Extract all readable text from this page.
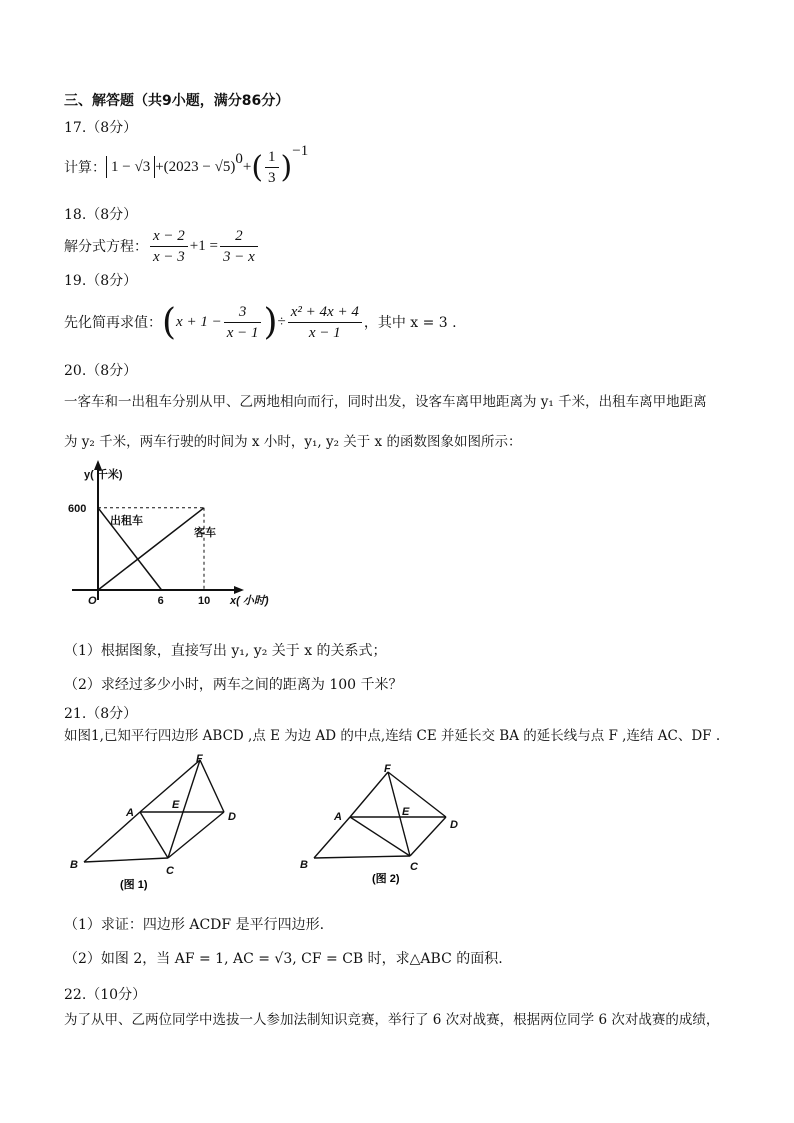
三、解答题（共9小题，满分86分）
17.（8分）
计算： $1 - √3 +(2023 - √5)^0$ + ( $\frac{1}{3} )^{-1}$
18.（8分）
解分式方程： $\frac{x - 2}{x - 3} +1 = \frac{2}{3 - x}$
19.（8分）
先化简再求值： ( $x + 1 - \frac{3}{x - 1}$ ) ÷ $\frac{\text{x² + 4x + 4}}{x - 1}$ ，其中 x = 3 .
20.（8分）
一客车和一出租车分别从甲、乙两地相向而行，同时出发，设客车离甲地距离为 y₁ 千米，出租车离甲地距离
为 y₂ 千米，两车行驶的时间为 x 小时，y₁, y₂ 关于 x 的函数图象如图所示：
y( 千米)
x( 小时)
O
600
6	10
出租车
客车
（1）根据图象，直接写出 y₁, y₂ 关于 x 的关系式；
（2）求经过多少小时，两车之间的距离为 100 千米？
21.（8分）
如图1,已知平行四边形 ABCD ,点 E 为边 AD 的中点,连结 CE 并延长交 BA 的延长线与点 F ,连结 AC、DF .
B
A
F
E
D
C
(图 1)
B
A
F
E
D
C
(图 2)
（1）求证：四边形 ACDF 是平行四边形.
（2）如图 2，当 AF = 1, AC = √3, CF = CB 时，求△ABC 的面积.
22.（10分）
为了从甲、乙两位同学中选拔一人参加法制知识竞赛，举行了 6 次对战赛，根据两位同学 6 次对战赛的成绩，
